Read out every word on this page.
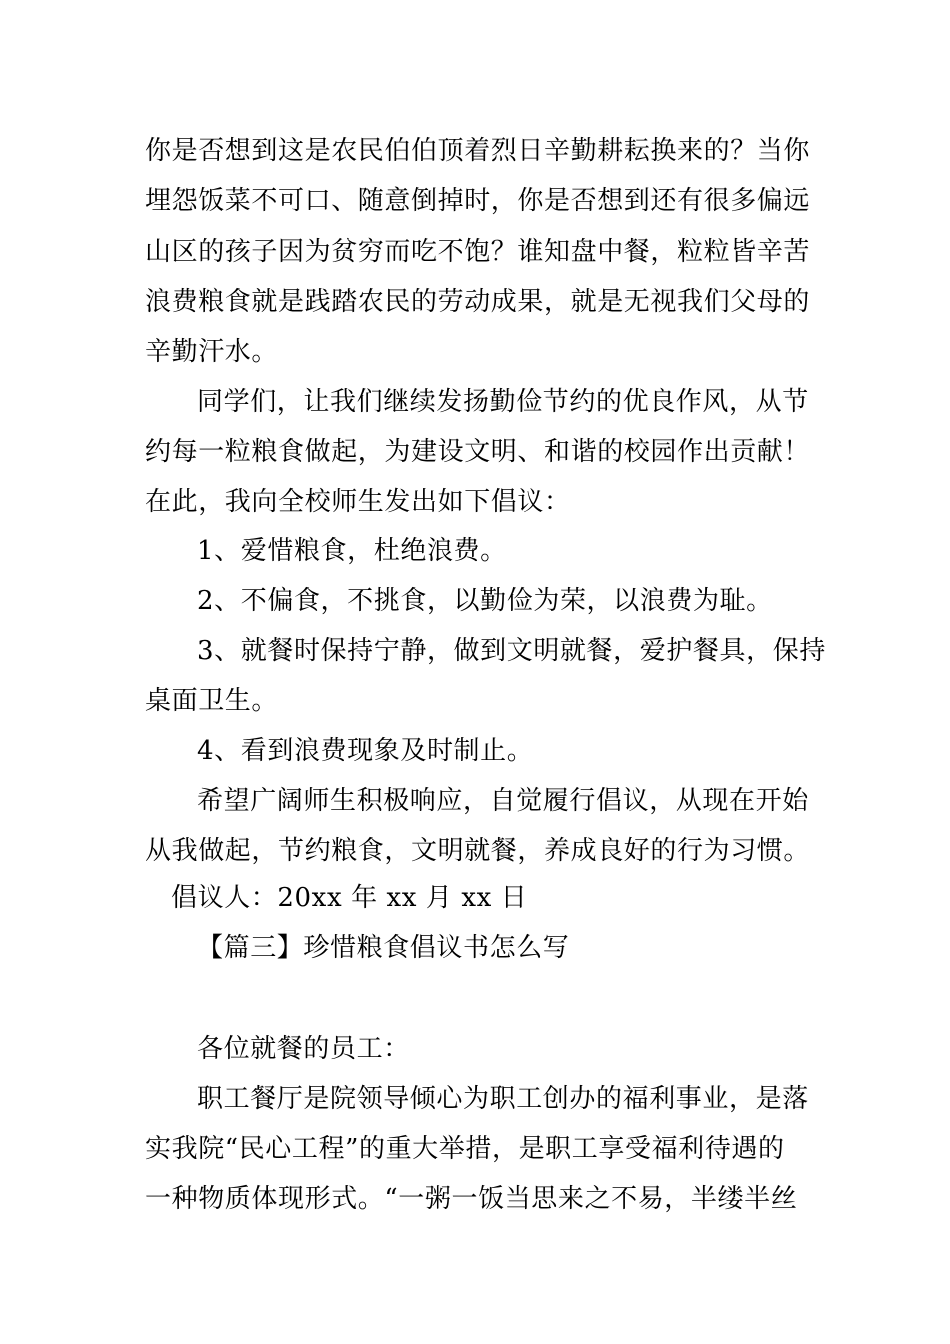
你是否想到这是农民伯伯顶着烈日辛勤耕耘换来的？当你
埋怨饭菜不可口、随意倒掉时，你是否想到还有很多偏远
山区的孩子因为贫穷而吃不饱？谁知盘中餐，粒粒皆辛苦
浪费粮食就是践踏农民的劳动成果，就是无视我们父母的
辛勤汗水。
同学们，让我们继续发扬勤俭节约的优良作风，从节
约每一粒粮食做起，为建设文明、和谐的校园作出贡献！
在此，我向全校师生发出如下倡议：
1、爱惜粮食，杜绝浪费。
2、不偏食，不挑食，以勤俭为荣，以浪费为耻。
3、就餐时保持宁静，做到文明就餐，爱护餐具，保持
桌面卫生。
4、看到浪费现象及时制止。
希望广阔师生积极响应，自觉履行倡议，从现在开始
从我做起，节约粮食，文明就餐，养成良好的行为习惯。
倡议人：20xx 年 xx 月 xx 日
【篇三】珍惜粮食倡议书怎么写
各位就餐的员工：
职工餐厅是院领导倾心为职工创办的福利事业，是落
实我院“民心工程”的重大举措，是职工享受福利待遇的
一种物质体现形式。“一粥一饭当思来之不易，半缕半丝
